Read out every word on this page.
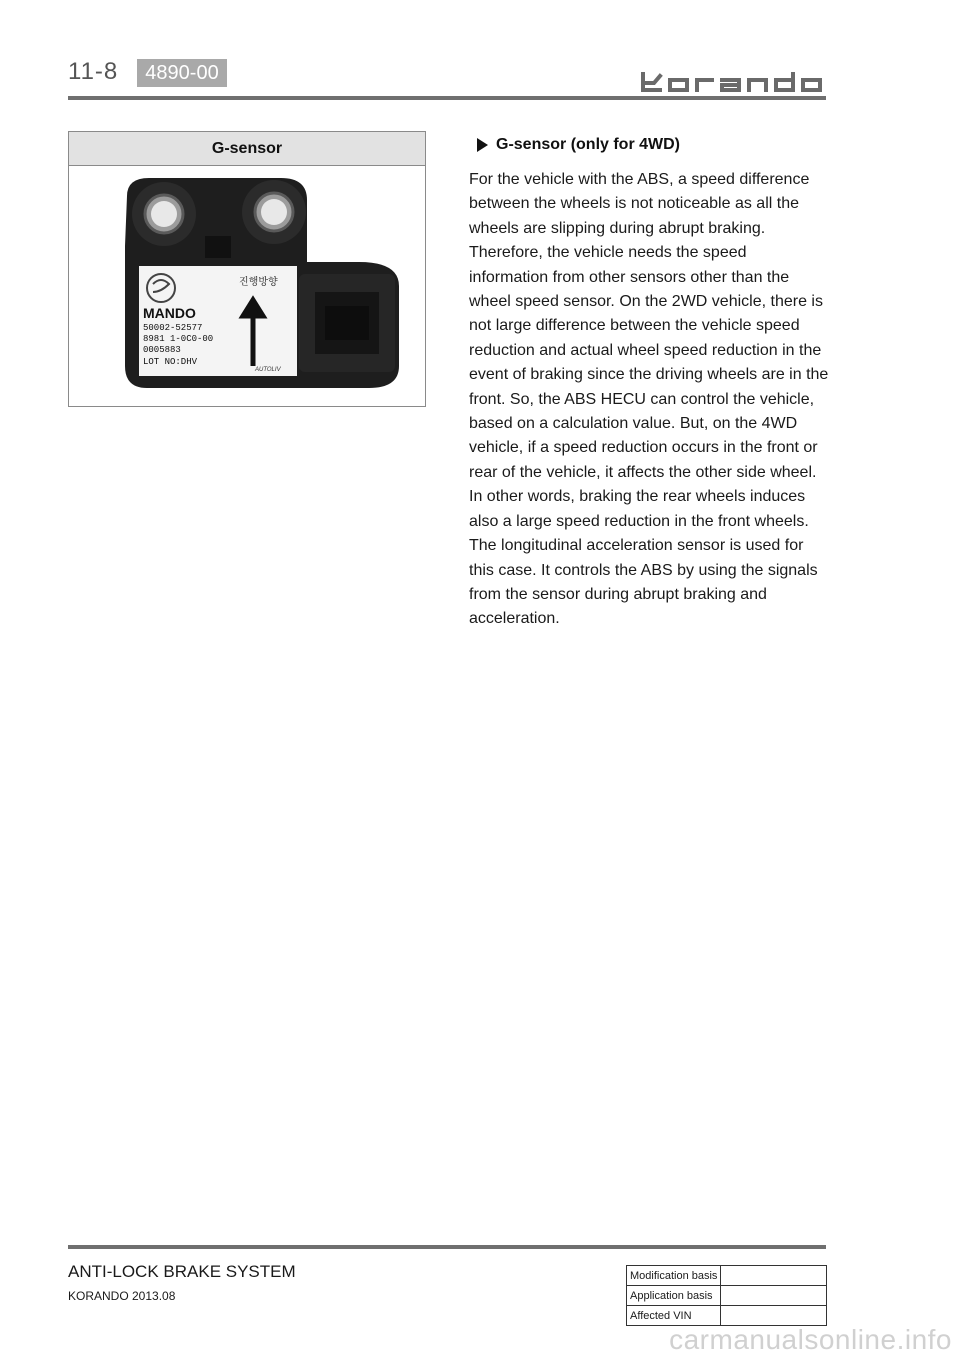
11-8	4890-00	korando
G-sensor
진행방향
MANDO
50002-52577
8981 1-0C0-00
0005883
LOT NO:DHV
AUTOLIV
G-sensor (only for 4WD)

For the vehicle with the ABS, a speed difference between the wheels is not noticeable as all the wheels are slipping during abrupt braking. Therefore, the vehicle needs the speed information from other sensors other than the wheel speed sensor. On the 2WD vehicle, there is not large difference between the vehicle speed reduction and actual wheel speed reduction in the event of braking since the driving wheels are in the front. So, the ABS HECU can control the vehicle, based on a calculation value. But, on the 4WD vehicle, if a speed reduction occurs in the front or rear of the vehicle, it affects the other side wheel. In other words, braking the rear wheels induces also a large speed reduction in the front wheels. The longitudinal acceleration sensor is used for this case. It controls the ABS by using the signals from the sensor during abrupt braking and acceleration.

ANTI-LOCK BRAKE SYSTEM
KORANDO 2013.08
Modification basis	
Application basis	
Affected VIN	
carmanualsonline.info
